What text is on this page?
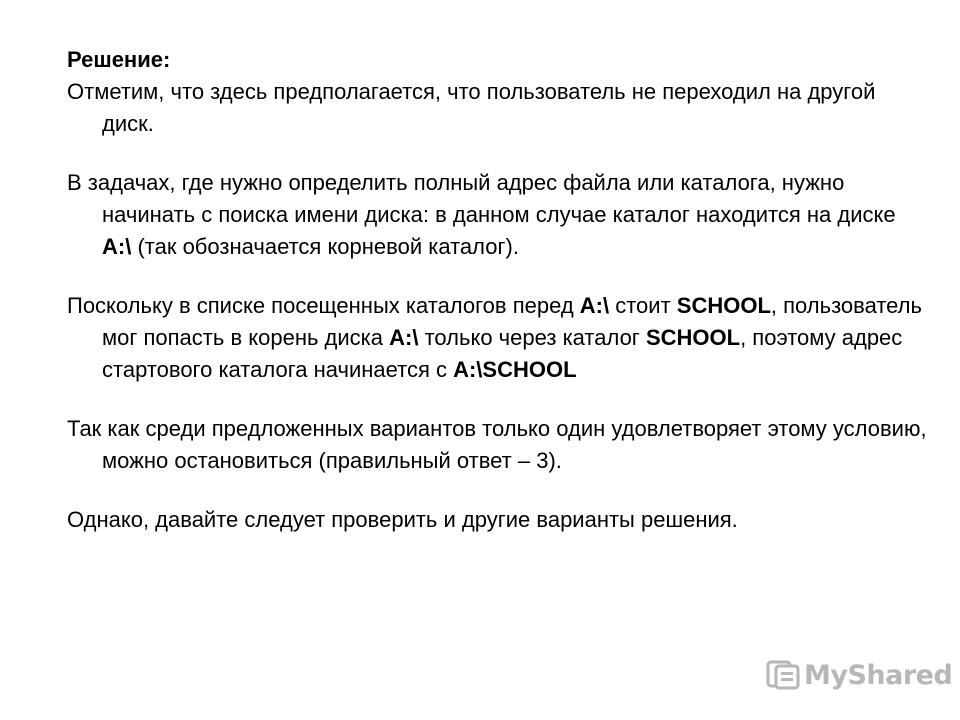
Решение:

Отметим, что здесь предполагается, что пользователь не переходил на другой диск.

В задачах, где нужно определить полный адрес файла или каталога, нужно начинать с поиска имени диска: в данном случае каталог находится на диске A:\ (так обозначается корневой каталог).

Поскольку в списке посещенных каталогов перед A:\ стоит SCHOOL, пользователь мог попасть в корень диска A:\ только через каталог SCHOOL, поэтому адрес стартового каталога начинается с A:\SCHOOL

Так как среди предложенных вариантов только один удовлетворяет этому условию, можно остановиться (правильный ответ – 3).

Однако, давайте следует проверить и другие варианты решения.

MyShared
